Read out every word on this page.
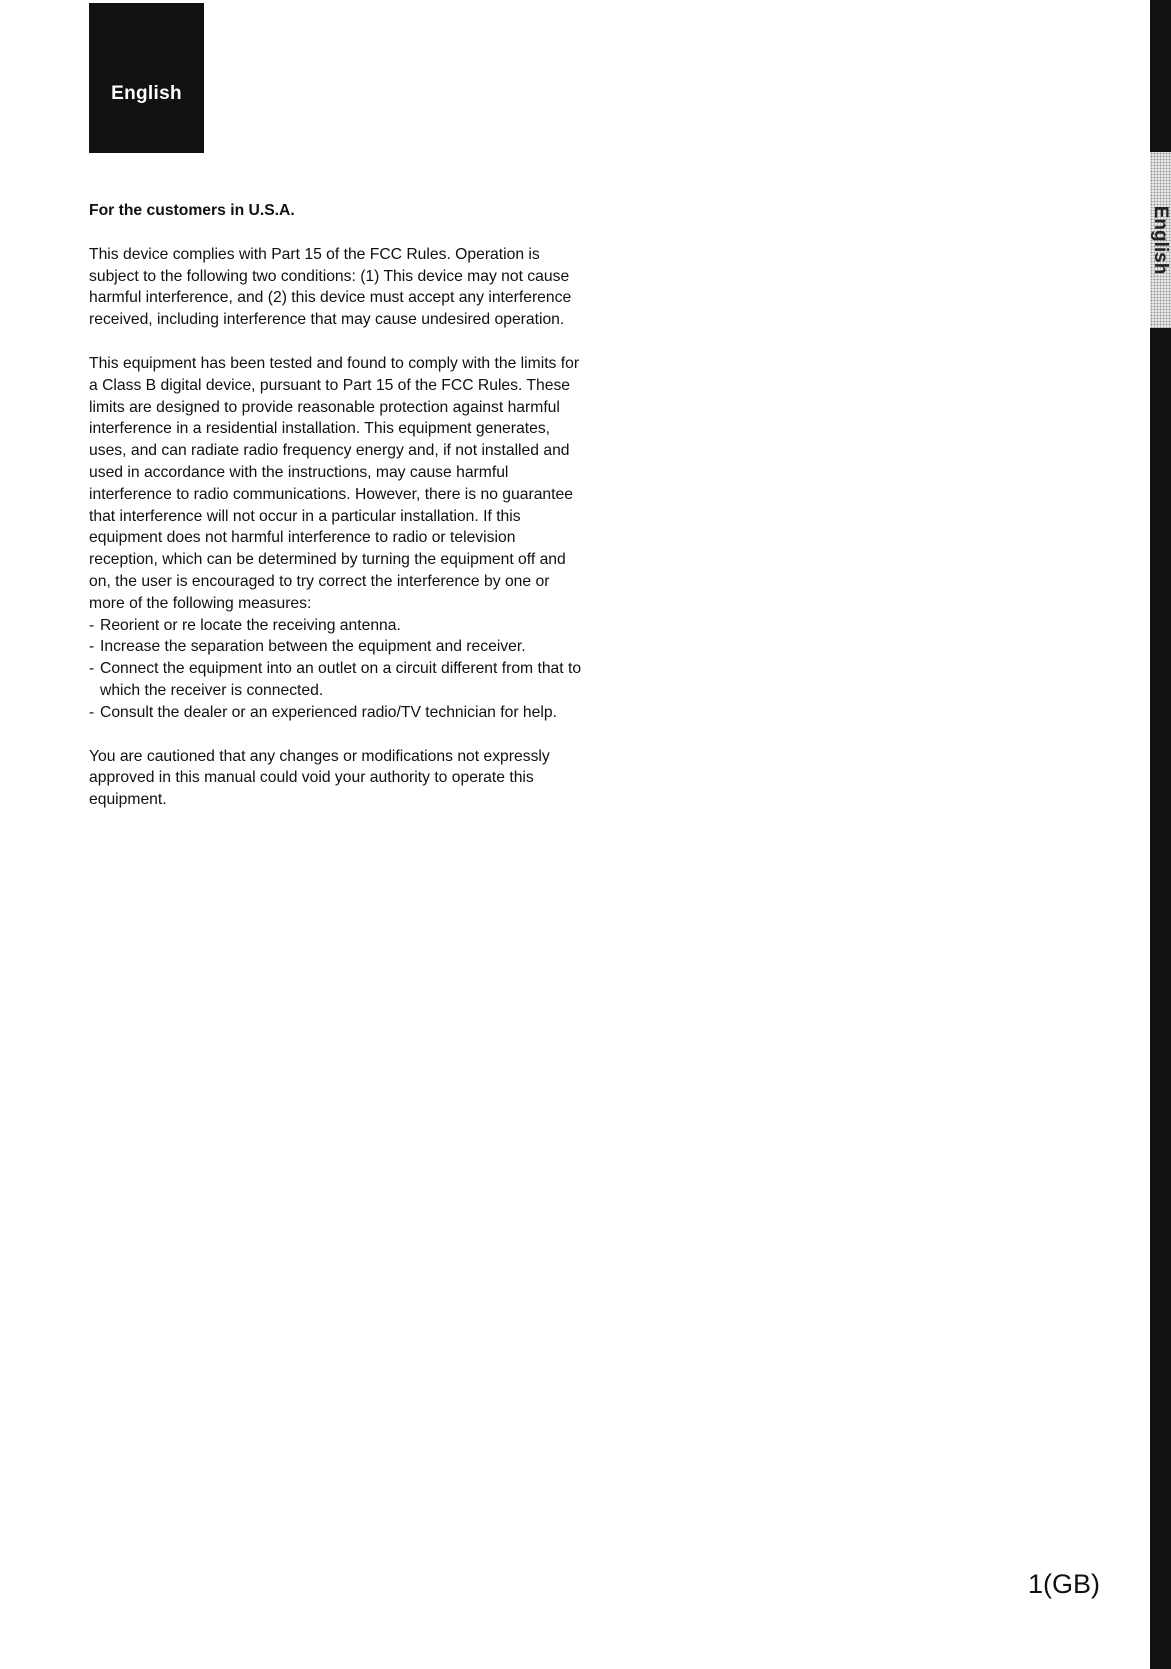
English
English
For the customers in U.S.A.

This device complies with Part 15 of the FCC Rules. Operation is subject to the following two conditions: (1) This device may not cause harmful interference, and (2) this device must accept any interference received, including interference that may cause undesired operation.

This equipment has been tested and found to comply with the limits for a Class B digital device, pursuant to Part 15 of the FCC Rules. These limits are designed to provide reasonable protection against harmful interference in a residential installation. This equipment generates, uses, and can radiate radio frequency energy and, if not installed and used in accordance with the instructions, may cause harmful interference to radio communications. However, there is no guarantee that interference will not occur in a particular installation. If this equipment does not harmful interference to radio or television reception, which can be determined by turning the equipment off and on, the user is encouraged to try correct the interference by one or more of the following measures:

- Reorient or re locate the receiving antenna.
- Increase the separation between the equipment and receiver.
- Connect the equipment into an outlet on a circuit different from that to which the receiver is connected.
- Consult the dealer or an experienced radio/TV technician for help.

You are cautioned that any changes or modifications not expressly approved in this manual could void your authority to operate this equipment.

1(GB)
